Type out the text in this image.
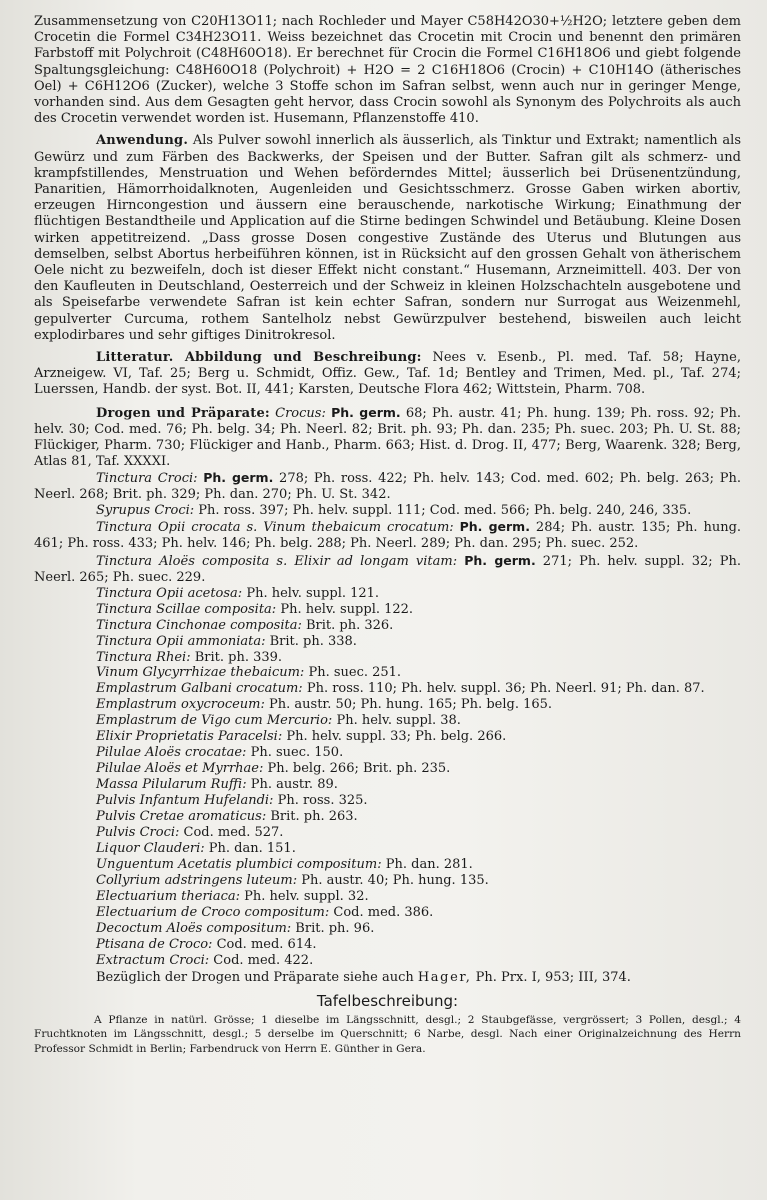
Zusammensetzung von C20H13O11; nach Rochleder und Mayer C58H42O30+½H2O; letztere geben dem Crocetin die Formel C34H23O11. Weiss bezeichnet das Crocetin mit Crocin und benennt den primären Farbstoff mit Polychroit (C48H60O18). Er berechnet für Crocin die Formel C16H18O6 und giebt folgende Spaltungsgleichung: C48H60O18 (Polychroit) + H2O = 2 C16H18O6 (Crocin) + C10H14O (ätherisches Oel) + C6H12O6 (Zucker), welche 3 Stoffe schon im Safran selbst, wenn auch nur in geringer Menge, vorhanden sind. Aus dem Gesagten geht hervor, dass Crocin sowohl als Synonym des Polychroits als auch des Crocetin verwendet worden ist. Husemann, Pflanzenstoffe 410.

Anwendung. Als Pulver sowohl innerlich als äusserlich, als Tinktur und Extrakt; namentlich als Gewürz und zum Färben des Backwerks, der Speisen und der Butter. Safran gilt als schmerz- und krampfstillendes, Menstruation und Wehen beförderndes Mittel; äusserlich bei Drüsenentzündung, Panaritien, Hämorrhoidalknoten, Augenleiden und Gesichtsschmerz. Grosse Gaben wirken abortiv, erzeugen Hirncongestion und äussern eine berauschende, narkotische Wirkung; Einathmung der flüchtigen Bestandtheile und Application auf die Stirne bedingen Schwindel und Betäubung. Kleine Dosen wirken appetitreizend. „Dass grosse Dosen congestive Zustände des Uterus und Blutungen aus demselben, selbst Abortus herbeiführen können, ist in Rücksicht auf den grossen Gehalt von ätherischem Oele nicht zu bezweifeln, doch ist dieser Effekt nicht constant.“ Husemann, Arzneimittell. 403. Der von den Kaufleuten in Deutschland, Oesterreich und der Schweiz in kleinen Holzschachteln ausgebotene und als Speisefarbe verwendete Safran ist kein echter Safran, sondern nur Surrogat aus Weizenmehl, gepulverter Curcuma, rothem Santelholz nebst Gewürzpulver bestehend, bisweilen auch leicht explodirbares und sehr giftiges Dinitrokresol.

Litteratur. Abbildung und Beschreibung: Nees v. Esenb., Pl. med. Taf. 58; Hayne, Arzneigew. VI, Taf. 25; Berg u. Schmidt, Offiz. Gew., Taf. 1d; Bentley and Trimen, Med. pl., Taf. 274; Luerssen, Handb. der syst. Bot. II, 441; Karsten, Deutsche Flora 462; Wittstein, Pharm. 708.

Drogen und Präparate: Crocus: Ph. germ. 68; Ph. austr. 41; Ph. hung. 139; Ph. ross. 92; Ph. helv. 30; Cod. med. 76; Ph. belg. 34; Ph. Neerl. 82; Brit. ph. 93; Ph. dan. 235; Ph. suec. 203; Ph. U. St. 88; Flückiger, Pharm. 730; Flückiger and Hanb., Pharm. 663; Hist. d. Drog. II, 477; Berg, Waarenk. 328; Berg, Atlas 81, Taf. XXXXI.

Tinctura Croci: Ph. germ. 278; Ph. ross. 422; Ph. helv. 143; Cod. med. 602; Ph. belg. 263; Ph. Neerl. 268; Brit. ph. 329; Ph. dan. 270; Ph. U. St. 342.

Syrupus Croci: Ph. ross. 397; Ph. helv. suppl. 111; Cod. med. 566; Ph. belg. 240, 246, 335.

Tinctura Opii crocata s. Vinum thebaicum crocatum: Ph. germ. 284; Ph. austr. 135; Ph. hung. 461; Ph. ross. 433; Ph. helv. 146; Ph. belg. 288; Ph. Neerl. 289; Ph. dan. 295; Ph. suec. 252.

Tinctura Aloës composita s. Elixir ad longam vitam: Ph. germ. 271; Ph. helv. suppl. 32; Ph. Neerl. 265; Ph. suec. 229.

Tinctura Opii acetosa: Ph. helv. suppl. 121.
Tinctura Scillae composita: Ph. helv. suppl. 122.
Tinctura Cinchonae composita: Brit. ph. 326.
Tinctura Opii ammoniata: Brit. ph. 338.
Tinctura Rhei: Brit. ph. 339.
Vinum Glycyrrhizae thebaicum: Ph. suec. 251.
Emplastrum Galbani crocatum: Ph. ross. 110; Ph. helv. suppl. 36; Ph. Neerl. 91; Ph. dan. 87.
Emplastrum oxycroceum: Ph. austr. 50; Ph. hung. 165; Ph. belg. 165.
Emplastrum de Vigo cum Mercurio: Ph. helv. suppl. 38.
Elixir Proprietatis Paracelsi: Ph. helv. suppl. 33; Ph. belg. 266.
Pilulae Aloës crocatae: Ph. suec. 150.
Pilulae Aloës et Myrrhae: Ph. belg. 266; Brit. ph. 235.
Massa Pilularum Ruffi: Ph. austr. 89.
Pulvis Infantum Hufelandi: Ph. ross. 325.
Pulvis Cretae aromaticus: Brit. ph. 263.
Pulvis Croci: Cod. med. 527.
Liquor Clauderi: Ph. dan. 151.
Unguentum Acetatis plumbici compositum: Ph. dan. 281.
Collyrium adstringens luteum: Ph. austr. 40; Ph. hung. 135.
Electuarium theriaca: Ph. helv. suppl. 32.
Electuarium de Croco compositum: Cod. med. 386.
Decoctum Aloës compositum: Brit. ph. 96.
Ptisana de Croco: Cod. med. 614.
Extractum Croci: Cod. med. 422.

Bezüglich der Drogen und Präparate siehe auch Hager, Ph. Prx. I, 953; III, 374.

Tafelbeschreibung:

A Pflanze in natürl. Grösse; 1 dieselbe im Längsschnitt, desgl.; 2 Staubgefässe, vergrössert; 3 Pollen, desgl.; 4 Fruchtknoten im Längsschnitt, desgl.; 5 derselbe im Querschnitt; 6 Narbe, desgl. Nach einer Originalzeichnung des Herrn Professor Schmidt in Berlin; Farbendruck von Herrn E. Günther in Gera.
